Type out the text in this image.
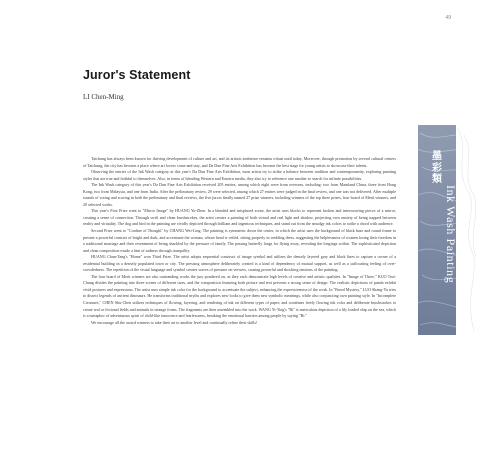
49
Juror's Statement
LI Chen-Ming

Taichung has always been known for thriving development of culture and art, and its artistic ambience remains robust until today. Moreover, through promotion by several cultural centers of Taichung, the city has become a place where art lovers come and stay, and Da Dun Fine Arts Exhibition has become the best stage for young artists to showcase their talents.

Observing the entries of the Ink Wash category at this year's Da Dun Fine Arts Exhibition, most artists try to strike a balance between tradition and contemporaneity, exploring painting styles that are true and faithful to themselves. Also, in terms of blending Western and Eastern media, they also try to reference one another to search for infinite possibilities.

The Ink Wash category of this year's Da Dun Fine Arts Exhibition received 205 entries, among which eight were from overseas, including: two from Mainland China, three from Hong Kong, two from Malaysia, and one from India. After the preliminary review, 29 were selected, among which 27 entries were judged in the final review, and one was not delivered. After multiple rounds of voting and scoring in both the preliminary and final reviews, the five jurors finally named 27 prize winners, including winners of the top three prizes, four board of Merit winners, and 20 selected works.

This year's First Prize went to "Mirror Image" by HUANG Yu-Zhen. In a blended and misplaced scene, the artist uses blocks to represent broken and interweaving pieces of a mirror, creating a sense of connection. Through swift and clean brushstrokes, the artist creates a painting of both virtual and real light and shadow, projecting own anxiety of being trapped between reality and virtuality. The dog and bird in the painting are vividly depicted through brilliant and ingenious techniques, and stand out from the smudgy ink colors to strike a chord with audience.

Second Prize went to "Confine of Thought" by CHANG Wei-Ling. The painting is symmetric down the center, in which the artist uses the background of black base and round frame to present a powerful contrast of bright and dark, and accentuate the woman, whose head is veiled, sitting properly in wedding dress, suggesting the helplessness of women losing their freedom in a traditional marriage and their resentment of being shackled by the pressure of family. The passing butterfly longs for flying away, revealing the longings within. The sophisticated depiction and clean composition exude a hint of sadness through tranquility.

HUANG Chun-Tang's "Home" won Third Prize. The artist adopts sequential construct of image symbol and utilizes the densely layered gray and black lines to capture a corner of a residential building in a densely populated town or city. The pressing atmosphere deliberately created is a kind of dependency of mutual support, as well as a suffocating feeling of over-crowdedness. The repetition of the visual language and symbol creates waves of pressure on viewers, causing powerful and shocking tensions of the painting.

The four board of Merit winners are also outstanding works the jury pondered on, as they each demonstrate high levels of creative and artistic qualities. In "Image of Three," KUO Tsui-Chung divides the painting into three scenes of different sizes, and the composition featuring both picture and text presents a strong sense of design. The realistic depictions of panda exhibit vivid postures and expressions. The artist uses simple ink color for the background to accentuate the subject, enhancing the expressiveness of the work. In "Breed Mystery," LUO Shang-Yu tries to dissect legends of ancient dinosaurs. He transforms traditional myths and explores new looks to give them new symbolic meanings, while also conjuncting own painting style. In "Incomplete Creatures," CHEN Shu-Chen utilizes techniques of flowing, layering, and rendering of ink on different types of paper, and combines freely flowing ink color and deliberate brushstrokes to create real or fictional fields and animals in strange forms. The fragments are then assembled into the work. WANG Yi-Ting's "Bi" is meticulous depiction of a lily loaded ship on the sea, which is a metaphor of adventurous spirit of child-like innocence and fearlessness, breaking the emotional barriers among people by saying "Bi."

We encourage all the award winners to take their art to another level and continually refine their skills!

墨彩類
Ink Wash Painting
